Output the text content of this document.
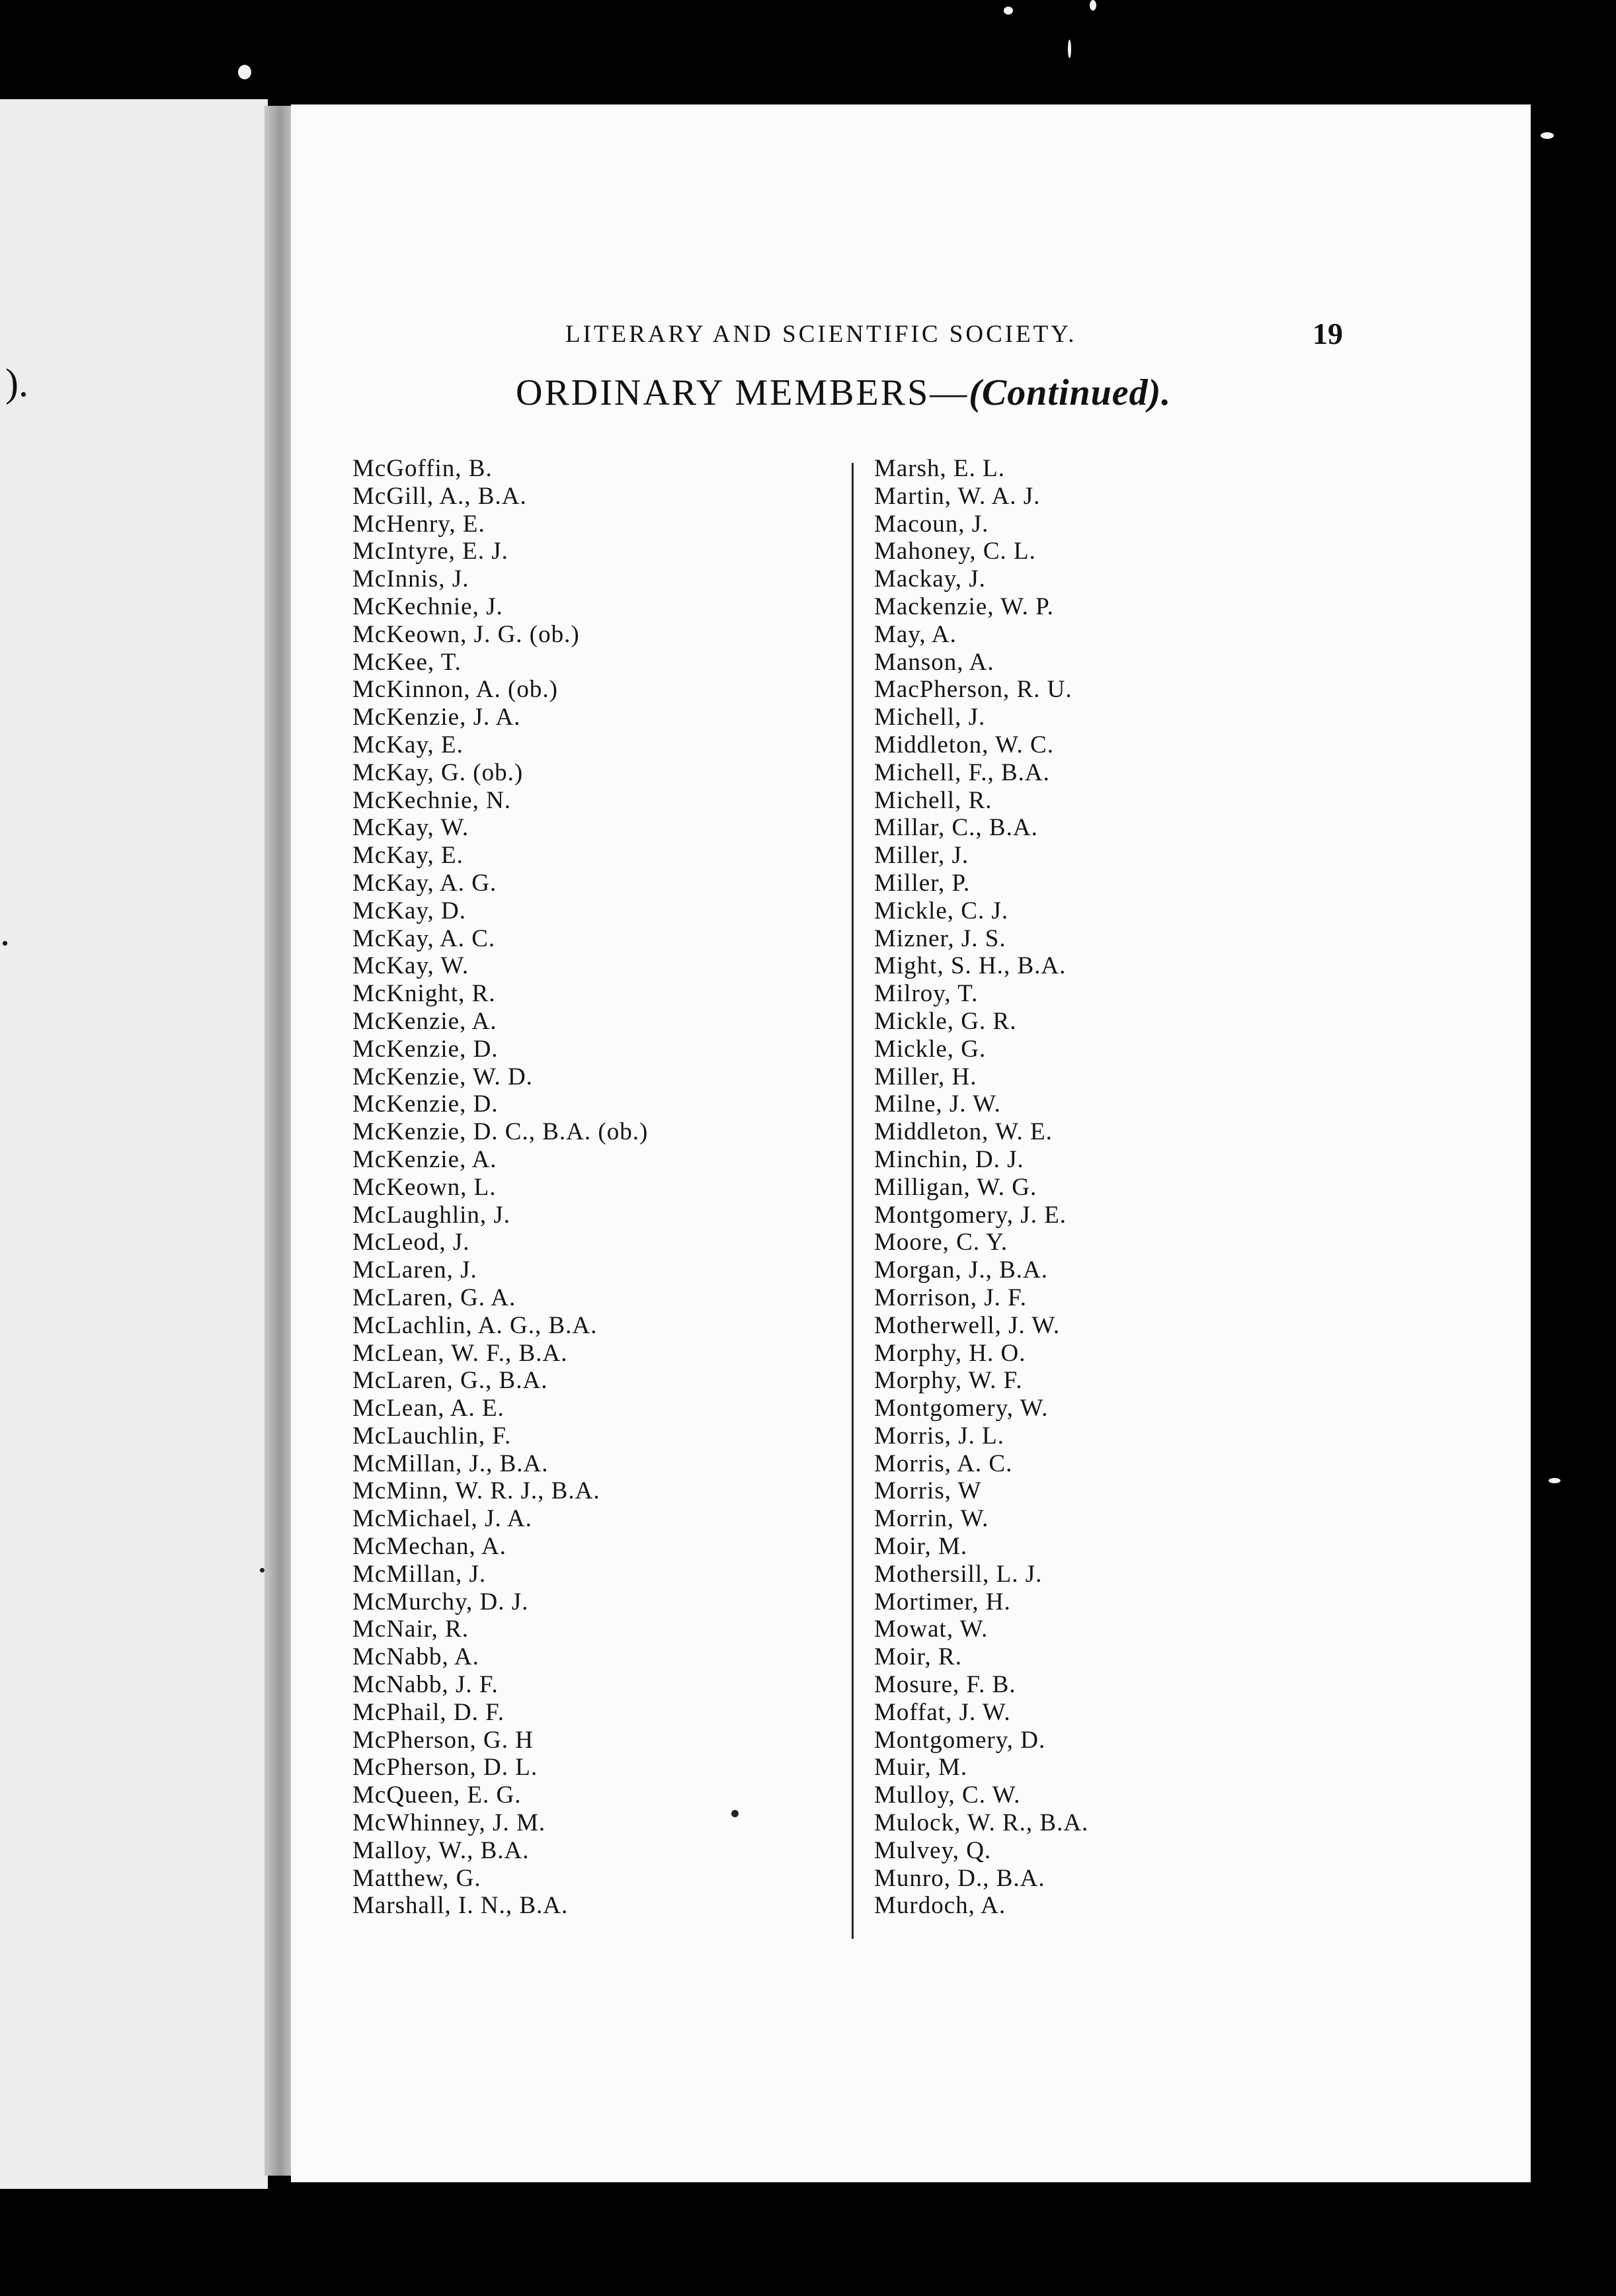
).
.
LITERARY AND SCIENTIFIC SOCIETY.	19
ORDINARY MEMBERS—(Continued).
McGoffin, B.
McGill, A., B.A.
McHenry, E.
McIntyre, E. J.
McInnis, J.
McKechnie, J.
McKeown, J. G. (ob.)
McKee, T.
McKinnon, A. (ob.)
McKenzie, J. A.
McKay, E.
McKay, G. (ob.)
McKechnie, N.
McKay, W.
McKay, E.
McKay, A. G.
McKay, D.
McKay, A. C.
McKay, W.
McKnight, R.
McKenzie, A.
McKenzie, D.
McKenzie, W. D.
McKenzie, D.
McKenzie, D. C., B.A. (ob.)
McKenzie, A.
McKeown, L.
McLaughlin, J.
McLeod, J.
McLaren, J.
McLaren, G. A.
McLachlin, A. G., B.A.
McLean, W. F., B.A.
McLaren, G., B.A.
McLean, A. E.
McLauchlin, F.
McMillan, J., B.A.
McMinn, W. R. J., B.A.
McMichael, J. A.
McMechan, A.
McMillan, J.
McMurchy, D. J.
McNair, R.
McNabb, A.
McNabb, J. F.
McPhail, D. F.
McPherson, G. H
McPherson, D. L.
McQueen, E. G.
McWhinney, J. M.
Malloy, W., B.A.
Matthew, G.
Marshall, I. N., B.A.
Marsh, E. L.
Martin, W. A. J.
Macoun, J.
Mahoney, C. L.
Mackay, J.
Mackenzie, W. P.
May, A.
Manson, A.
MacPherson, R. U.
Michell, J.
Middleton, W. C.
Michell, F., B.A.
Michell, R.
Millar, C., B.A.
Miller, J.
Miller, P.
Mickle, C. J.
Mizner, J. S.
Might, S. H., B.A.
Milroy, T.
Mickle, G. R.
Mickle, G.
Miller, H.
Milne, J. W.
Middleton, W. E.
Minchin, D. J.
Milligan, W. G.
Montgomery, J. E.
Moore, C. Y.
Morgan, J., B.A.
Morrison, J. F.
Motherwell, J. W.
Morphy, H. O.
Morphy, W. F.
Montgomery, W.
Morris, J. L.
Morris, A. C.
Morris, W
Morrin, W.
Moir, M.
Mothersill, L. J.
Mortimer, H.
Mowat, W.
Moir, R.
Mosure, F. B.
Moffat, J. W.
Montgomery, D.
Muir, M.
Mulloy, C. W.
Mulock, W. R., B.A.
Mulvey, Q.
Munro, D., B.A.
Murdoch, A.
